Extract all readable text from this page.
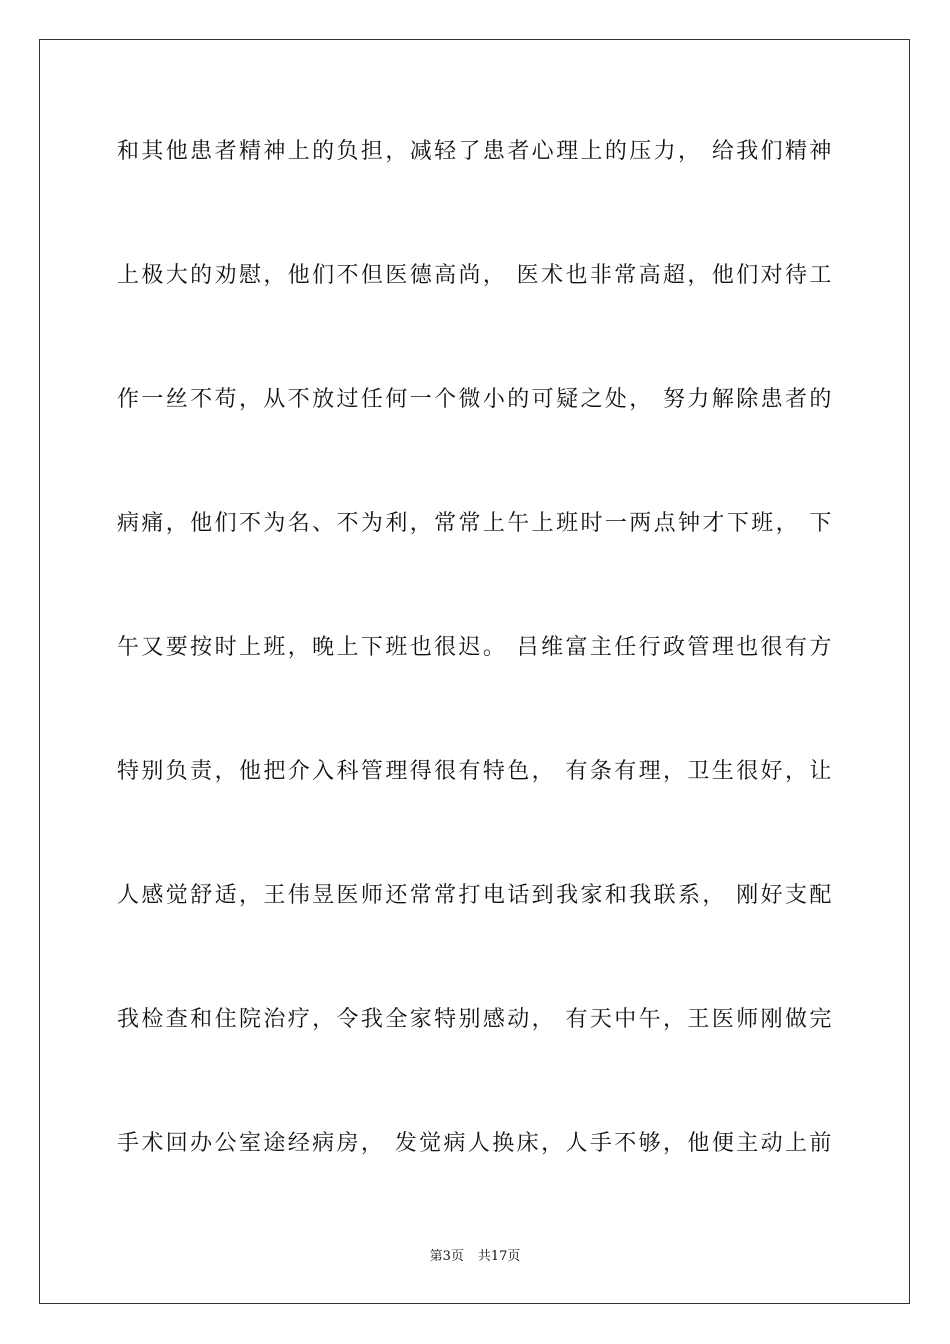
和其他患者精神上的负担，减轻了患者心理上的压力， 给我们精神
上极大的劝慰，他们不但医德高尚， 医术也非常高超，他们对待工
作一丝不苟，从不放过任何一个微小的可疑之处， 努力解除患者的
病痛，他们不为名、不为利，常常上午上班时一两点钟才下班， 下
午又要按时上班，晚上下班也很迟。 吕维富主任行政管理也很有方
特别负责，他把介入科管理得很有特色， 有条有理，卫生很好，让
人感觉舒适，王伟昱医师还常常打电话到我家和我联系， 刚好支配
我检查和住院治疗，令我全家特别感动， 有天中午，王医师刚做完
手术回办公室途经病房， 发觉病人换床，人手不够，他便主动上前
第3页 共17页
